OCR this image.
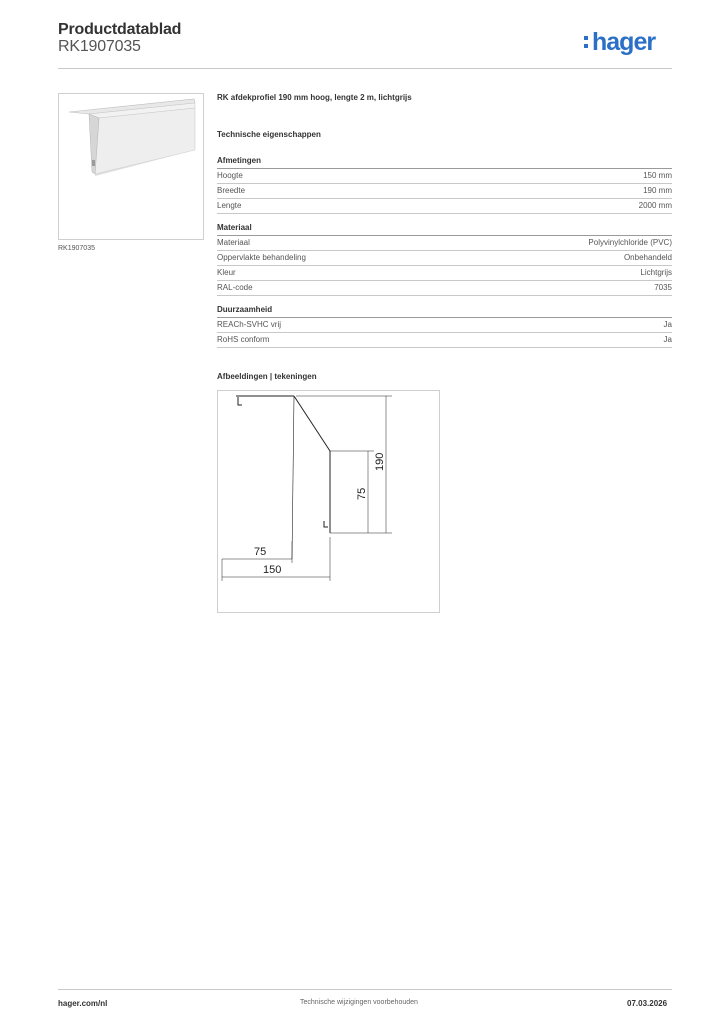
Productdatablad
RK1907035	hager
RK1907035
RK afdekprofiel 190 mm hoog, lengte 2 m, lichtgrijs
Technische eigenschappen
Afmetingen
Hoogte	150 mm
Breedte	190 mm
Lengte	2000 mm
Materiaal
Materiaal	Polyvinylchloride (PVC)
Oppervlakte behandeling	Onbehandeld
Kleur	Lichtgrijs
RAL-code	7035
Duurzaamheid
REACh-SVHC vrij	Ja
RoHS conform	Ja
Afbeeldingen | tekeningen
190
75
75
150
hager.com/nl	Technische wijzigingen voorbehouden	07.03.2026
